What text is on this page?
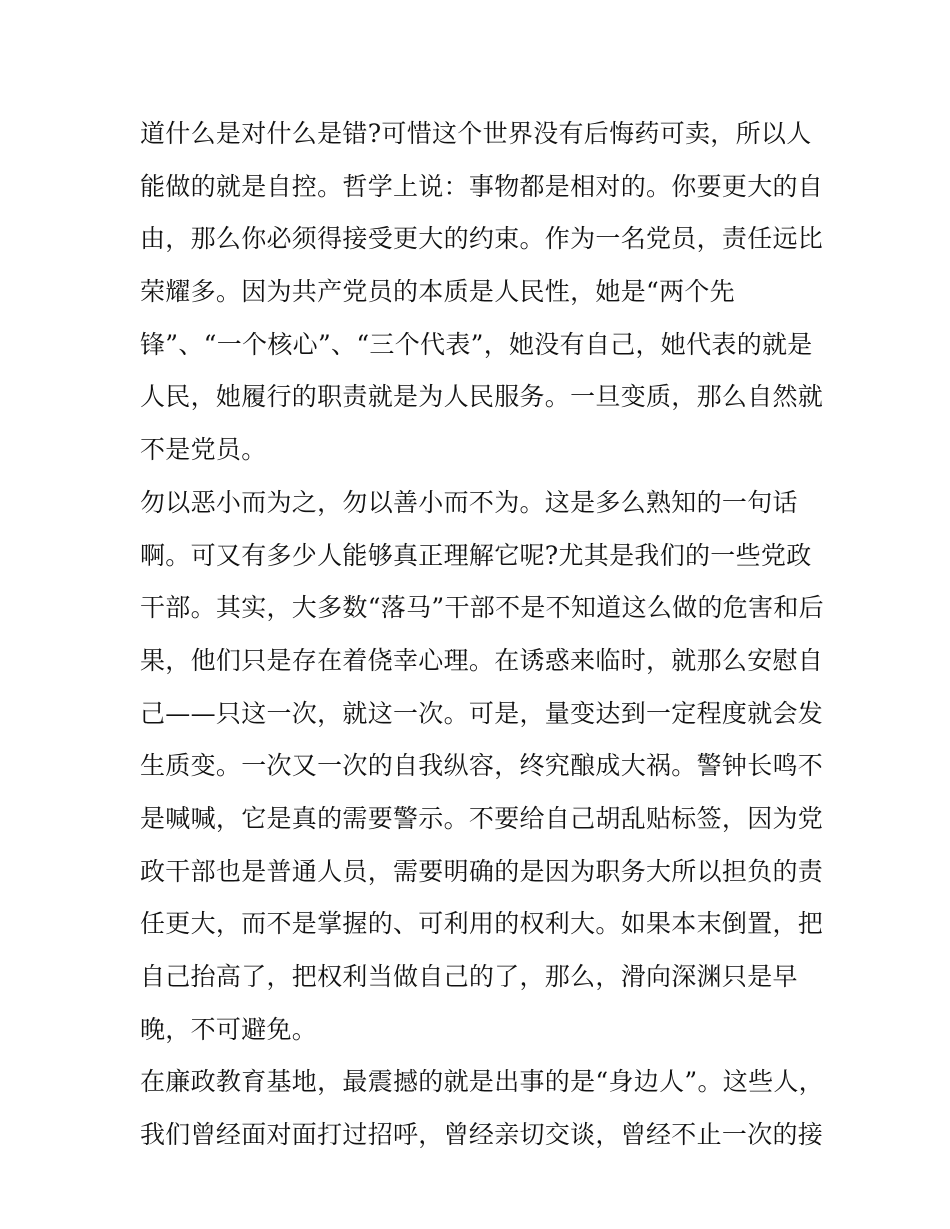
道什么是对什么是错?可惜这个世界没有后悔药可卖，所以人
能做的就是自控。哲学上说：事物都是相对的。你要更大的自
由，那么你必须得接受更大的约束。作为一名党员，责任远比
荣耀多。因为共产党员的本质是人民性，她是“两个先
锋”、“一个核心”、“三个代表”，她没有自己，她代表的就是
人民，她履行的职责就是为人民服务。一旦变质，那么自然就
不是党员。
勿以恶小而为之，勿以善小而不为。这是多么熟知的一句话
啊。可又有多少人能够真正理解它呢?尤其是我们的一些党政
干部。其实，大多数“落马”干部不是不知道这么做的危害和后
果，他们只是存在着侥幸心理。在诱惑来临时，就那么安慰自
己——只这一次，就这一次。可是，量变达到一定程度就会发
生质变。一次又一次的自我纵容，终究酿成大祸。警钟长鸣不
是喊喊，它是真的需要警示。不要给自己胡乱贴标签，因为党
政干部也是普通人员，需要明确的是因为职务大所以担负的责
任更大，而不是掌握的、可利用的权利大。如果本末倒置，把
自己抬高了，把权利当做自己的了，那么，滑向深渊只是早
晚，不可避免。
在廉政教育基地，最震撼的就是出事的是“身边人”。这些人，
我们曾经面对面打过招呼，曾经亲切交谈，曾经不止一次的接
